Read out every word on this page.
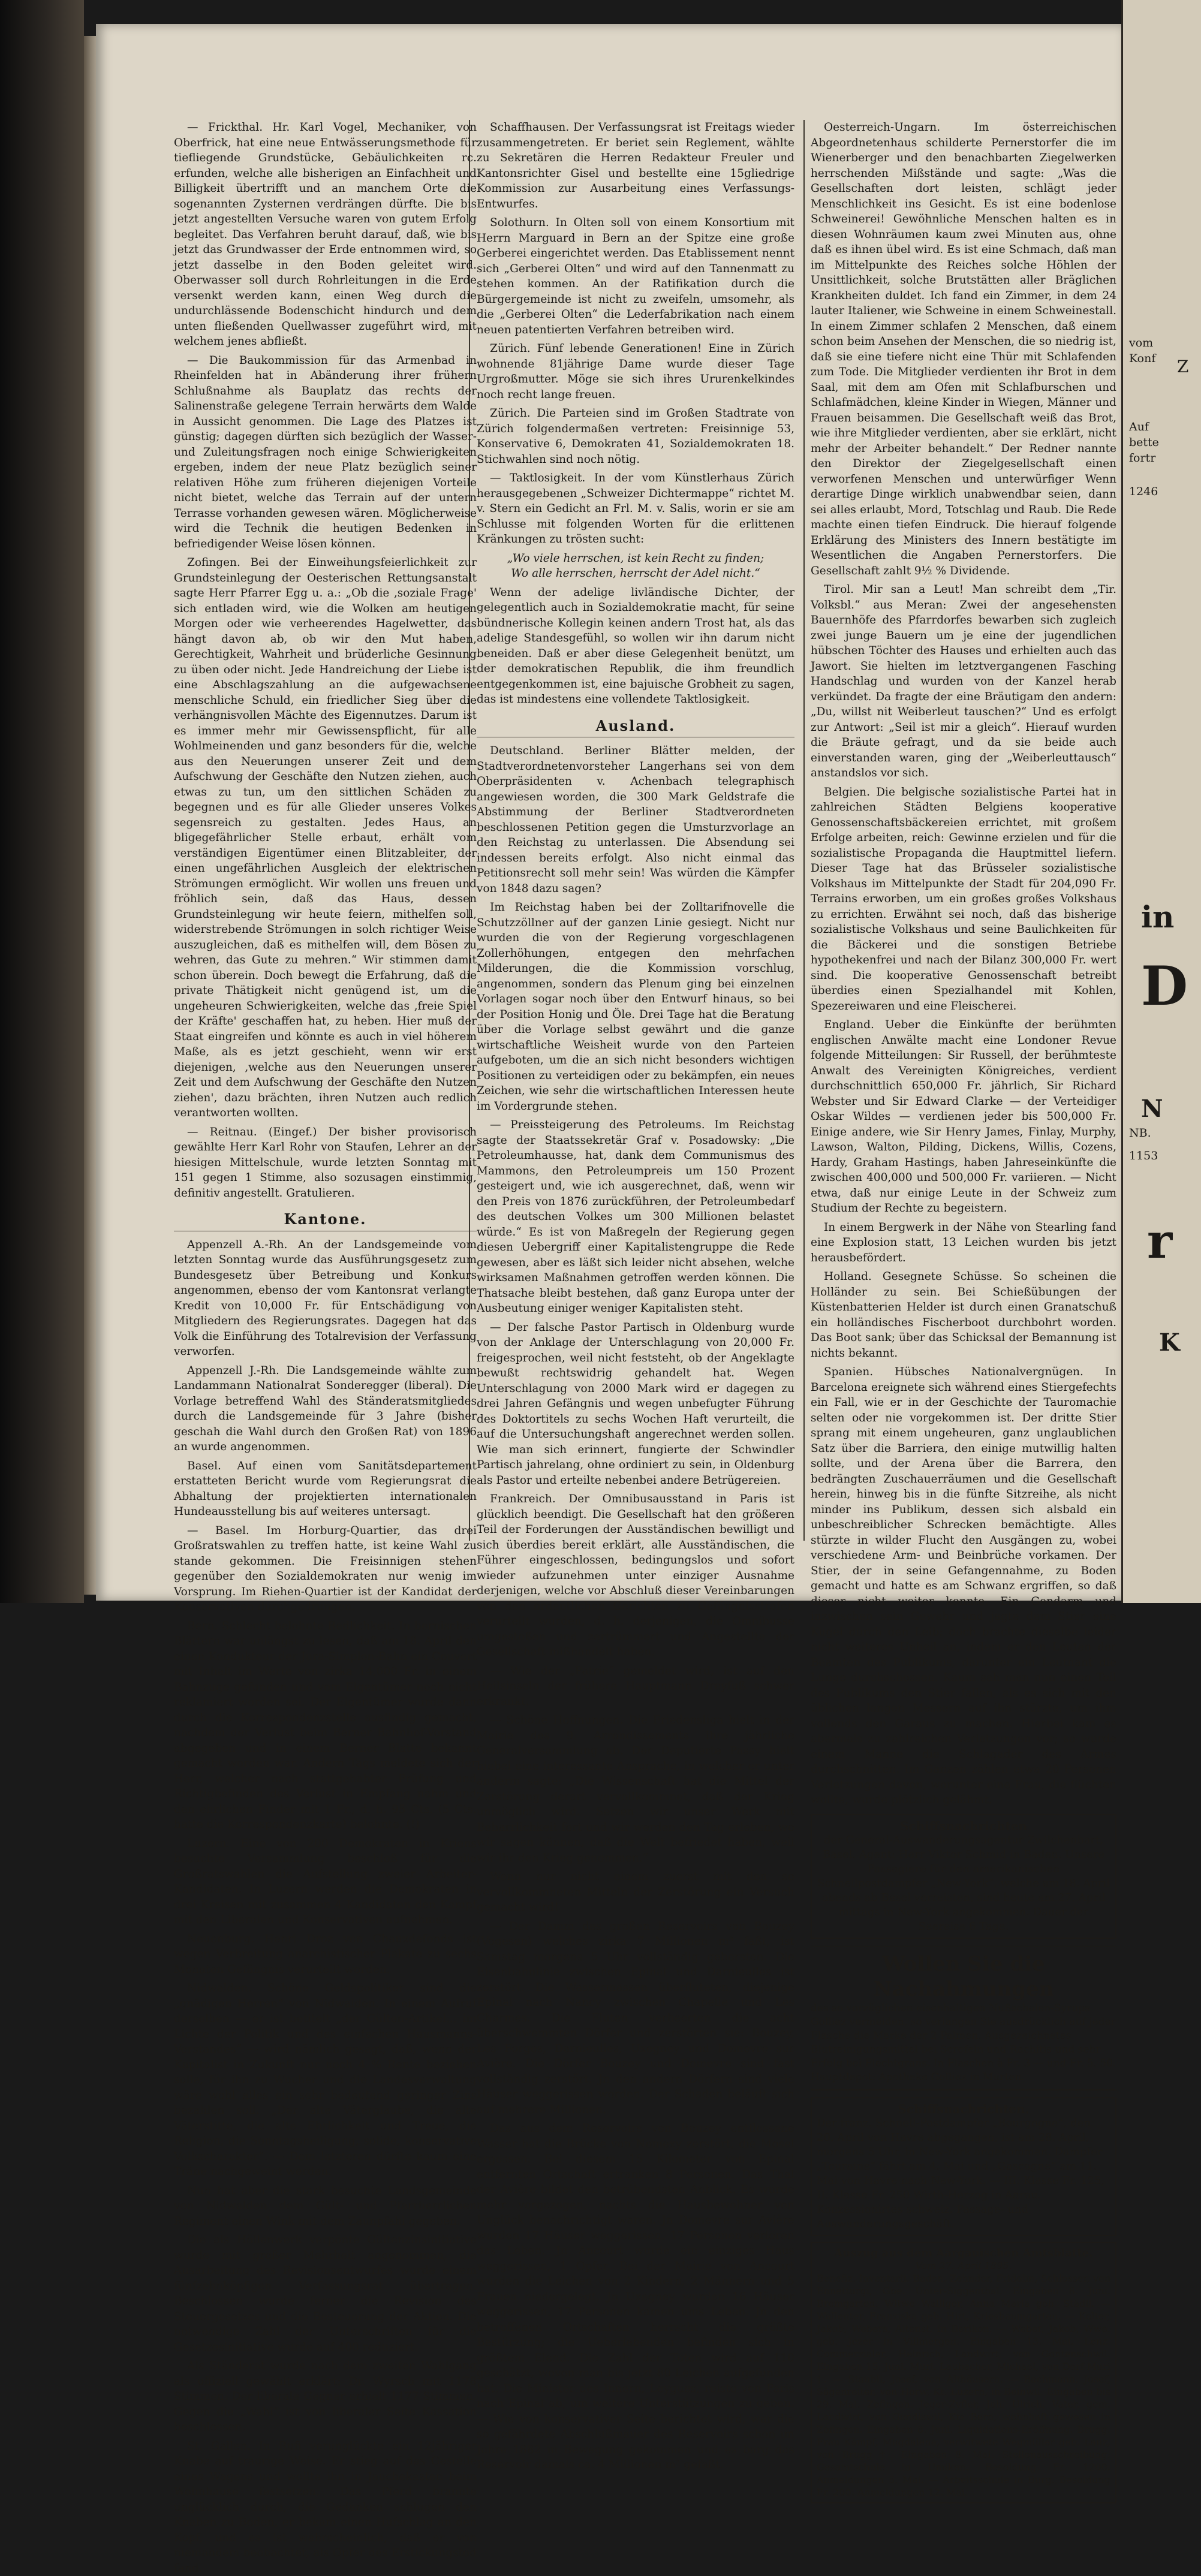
— Frickthal. Hr. Karl Vogel, Mechaniker, von Oberfrick, hat eine neue Entwässerungsmethode für tiefliegende Grundstücke, Gebäulichkeiten rc. erfunden, welche alle bisherigen an Einfachheit und Billigkeit übertrifft und an manchem Orte die sogenannten Zysternen verdrängen dürfte. Die bis jetzt angestellten Versuche waren von gutem Erfolg begleitet. Das Verfahren beruht darauf, daß, wie bis jetzt das Grundwasser der Erde entnommen wird, so jetzt dasselbe in den Boden geleitet wird. Oberwasser soll durch Rohrleitungen in die Erde versenkt werden kann, einen Weg durch die undurchlässende Bodenschicht hindurch und dem unten fließenden Quellwasser zugeführt wird, mit welchem jenes abfließt.

— Die Baukommission für das Armenbad in Rheinfelden hat in Abänderung ihrer frühern Schlußnahme als Bauplatz das rechts der Salinenstraße gelegene Terrain herwärts dem Walde in Aussicht genommen. Die Lage des Platzes ist günstig; dagegen dürften sich bezüglich der Wasser- und Zuleitungsfragen noch einige Schwierigkeiten ergeben, indem der neue Platz bezüglich seiner relativen Höhe zum früheren diejenigen Vorteile nicht bietet, welche das Terrain auf der untern Terrasse vorhanden gewesen wären. Möglicherweise wird die Technik die heutigen Bedenken in befriedigender Weise lösen können.

Zofingen. Bei der Einweihungsfeierlichkeit zur Grundsteinlegung der Oesterischen Rettungsanstalt sagte Herr Pfarrer Egg u. a.: „Ob die ‚soziale Frage' sich entladen wird, wie die Wolken am heutigen Morgen oder wie verheerendes Hagelwetter, das hängt davon ab, ob wir den Mut haben, Gerechtigkeit, Wahrheit und brüderliche Gesinnung zu üben oder nicht. Jede Handreichung der Liebe ist eine Abschlagszahlung an die aufgewachsene menschliche Schuld, ein friedlicher Sieg über die verhängnisvollen Mächte des Eigennutzes. Darum ist es immer mehr mir Gewissenspflicht, für alle Wohlmeinenden und ganz besonders für die, welche aus den Neuerungen unserer Zeit und dem Aufschwung der Geschäfte den Nutzen ziehen, auch etwas zu tun, um den sittlichen Schäden zu begegnen und es für alle Glieder unseres Volkes segensreich zu gestalten. Jedes Haus, an bligegefährlicher Stelle erbaut, erhält vom verständigen Eigentümer einen Blitzableiter, der einen ungefährlichen Ausgleich der elektrischen Strömungen ermöglicht. Wir wollen uns freuen und fröhlich sein, daß das Haus, dessen Grundsteinlegung wir heute feiern, mithelfen soll, widerstrebende Strömungen in solch richtiger Weise auszugleichen, daß es mithelfen will, dem Bösen zu wehren, das Gute zu mehren.“ Wir stimmen damit schon überein. Doch bewegt die Erfahrung, daß die private Thätigkeit nicht genügend ist, um die ungeheuren Schwierigkeiten, welche das ‚freie Spiel der Kräfte' geschaffen hat, zu heben. Hier muß der Staat eingreifen und könnte es auch in viel höherem Maße, als es jetzt geschieht, wenn wir erst diejenigen, ‚welche aus den Neuerungen unserer Zeit und dem Aufschwung der Geschäfte den Nutzen ziehen', dazu brächten, ihren Nutzen auch redlich verantworten wollten.

— Reitnau. (Eingef.) Der bisher provisorisch gewählte Herr Karl Rohr von Staufen, Lehrer an der hiesigen Mittelschule, wurde letzten Sonntag mit 151 gegen 1 Stimme, also sozusagen einstimmig, definitiv angestellt. Gratulieren.

Kantone.

Appenzell A.-Rh. An der Landsgemeinde vom letzten Sonntag wurde das Ausführungsgesetz zum Bundesgesetz über Betreibung und Konkurs angenommen, ebenso der vom Kantonsrat verlangte Kredit von 10,000 Fr. für Entschädigung von Mitgliedern des Regierungsrates. Dagegen hat das Volk die Einführung des Totalrevision der Verfassung verworfen.

Appenzell J.-Rh. Die Landsgemeinde wählte zum Landammann Nationalrat Sonderegger (liberal). Die Vorlage betreffend Wahl des Ständeratsmitgliedes durch die Landsgemeinde für 3 Jahre (bisher geschah die Wahl durch den Großen Rat) von 1896 an wurde angenommen.

Basel. Auf einen vom Sanitätsdepartement erstatteten Bericht wurde vom Regierungsrat die Abhaltung der projektierten internationalen Hundeausstellung bis auf weiteres untersagt.

— Basel. Im Horburg-Quartier, das drei Großratswahlen zu treffen hatte, ist keine Wahl zu stande gekommen. Die Freisinnigen stehen gegenüber den Sozialdemokraten nur wenig im Vorsprung. Im Riehen-Quartier ist der Kandidat der Konservativen durchgedrungen.

Bern. Schlecht belohnte Redlichkeit. In bernischen Blättern war unlängst zu lesen, daß am 18. April den einen Kondukteur der Jura-Simplon-Bahn ein Couvert mit Inhalt im Werte von zirka 14,000 Fr. in einem Bahnzuge gefunden und vom Eigentümer noch nicht reklamiert worden sei. Der Eigentümer wurde dann durch die Korrespondenzstelle ausfindig gemacht, nachdem der Verlust beim Berner Bahnhof-Vorstand abgegeben und in einem Berner Blatte bekannt gemacht worden war. Andern Tags meldete sich der Herr, welcher nach stattgehabter Prüfung und Richtigbefinden des Verlust in Empfang nahm und den ehrlichen Finder mit 1 Fr., d. h. 95 Cts. (5 Cts. hatte die Korrespondenzkarte) belohnte. (!)

Luzern. Eine von 200 Demokraten in Kriens besuchte Versammlung beschloß für die Großratswahlen die Aufstellung zweier Arbeiter-Kandidaten. In Luzern werden die Demokraten in drei Kreisen mit zusammen 4 Kandidaten den Kampf mit den Liberalen und Konservativen aufnehmen.

Neuenburg. Henri Droz von Chauxdefonds ist wegen Verbreitung anarchistischer Plakate zu sechs Monaten Gefängnis verurteilt worden.

Nidwalden. Schöne Geldspolitiker sind die „gnädigen Herren“ von Nidwalden. In einem Aufruf derselben — er ist betitelt „der Gülten-Artikel... im Lichte der Politik und des einfachen Hausmanns-Verstandes“ — wird nämlich gesagt, daß, wenn der Kapitalist in Zukunft nur noch 4 % Rente beziehen solle, für ihn zu Wucher und die Landesverwaltung wäre wohl alles ein sehr bedeutend geringer Zins bezahlen soll. „Der alte Väterglaube, die alte Väterstitte, die alte Ehrlichkeit und Treue, die Religion, die Sonntagsheiligung, solide, konservative Volkscharakter“. — Dem letzteren dürfte kaum eine Träne nachgeweint werden.

Nun hat aber die stark besuchte Landsgemeinde von Nidwalden dem Gült- und Pfarrherrlichen Regiment einen Wink mit dem Zaunpfahl gegeben.

Die als Höllenwerk verpönte Gültenzinsinitiative wurde mit großer Mehrheit angenommen, die Ausarbeitung des Revisionsentwurfes wurde einem fünfzehnköpfigen Verfassungsrat übertragen. Beschlossen wurde ferner die Revision des Steuergesetzes und die Besteuerung der Aktien. Die notwendige Zahl der Unterschriften für die Gesetzesinitiative wurde auf 400 reduziert.

Als Ständerat wurde nach dem zweiten Wahlgang als offiziell gewählt erklärt: Dr. Wyrsch mit 1178 Stimmen. Der liberale Gegner erhielt 1177 Stimmen. Gegen die „Wahl“ ist von liberaler Seite Kassation beschlossen.

St. Gallen. In Rufi verunglückte ein 12jähriger Knabe auf traurige Weise. Er stieg auf das Gestelle eines Wagens und wollte ihn in Jauchekasten beim Wohnhause festsetzen. Das Pferd brannte unglücklich durch, die Gedanken schlugen den Knaben zu Boden, er bekam einen Hufschlag an den Kopf, und es ist wahrscheinlich, daß er von niemandem beobachtet, als Opfer des Erstickungstod fand.

Schaffhausen. Der Verfassungsrat ist Freitags wieder zusammengetreten. Er beriet sein Reglement, wählte zu Sekretären die Herren Redakteur Freuler und Kantonsrichter Gisel und bestellte eine 15gliedrige Kommission zur Ausarbeitung eines Verfassungs-Entwurfes.

Solothurn. In Olten soll von einem Konsortium mit Herrn Marguard in Bern an der Spitze eine große Gerberei eingerichtet werden. Das Etablissement nennt sich „Gerberei Olten“ und wird auf den Tannenmatt zu stehen kommen. An der Ratifikation durch die Bürgergemeinde ist nicht zu zweifeln, umsomehr, als die „Gerberei Olten“ die Lederfabrikation nach einem neuen patentierten Verfahren betreiben wird.

Zürich. Fünf lebende Generationen! Eine in Zürich wohnende 81jährige Dame wurde dieser Tage Urgroßmutter. Möge sie sich ihres Ururenkelkindes noch recht lange freuen.

Zürich. Die Parteien sind im Großen Stadtrate von Zürich folgendermaßen vertreten: Freisinnige 53, Konservative 6, Demokraten 41, Sozialdemokraten 18. Stichwahlen sind noch nötig.

— Taktlosigkeit. In der vom Künstlerhaus Zürich herausgegebenen „Schweizer Dichtermappe“ richtet M. v. Stern ein Gedicht an Frl. M. v. Salis, worin er sie am Schlusse mit folgenden Worten für die erlittenen Kränkungen zu trösten sucht:

„Wo viele herrschen, ist kein Recht zu finden;

Wo alle herrschen, herrscht der Adel nicht.“

Wenn der adelige livländische Dichter, der gelegentlich auch in Sozialdemokratie macht, für seine bündnerische Kollegin keinen andern Trost hat, als das adelige Standesgefühl, so wollen wir ihn darum nicht beneiden. Daß er aber diese Gelegenheit benützt, um der demokratischen Republik, die ihm freundlich entgegenkommen ist, eine bajuische Grobheit zu sagen, das ist mindestens eine vollendete Taktlosigkeit.

Ausland.

Deutschland. Berliner Blätter melden, der Stadtverordnetenvorsteher Langerhans sei von dem Oberpräsidenten v. Achenbach telegraphisch angewiesen worden, die 300 Mark Geldstrafe die Abstimmung der Berliner Stadtverordneten beschlossenen Petition gegen die Umsturzvorlage an den Reichstag zu unterlassen. Die Absendung sei indessen bereits erfolgt. Also nicht einmal das Petitionsrecht soll mehr sein! Was würden die Kämpfer von 1848 dazu sagen?

Im Reichstag haben bei der Zolltarifnovelle die Schutzzöllner auf der ganzen Linie gesiegt. Nicht nur wurden die von der Regierung vorgeschlagenen Zollerhöhungen, entgegen den mehrfachen Milderungen, die die Kommission vorschlug, angenommen, sondern das Plenum ging bei einzelnen Vorlagen sogar noch über den Entwurf hinaus, so bei der Position Honig und Öle. Drei Tage hat die Beratung über die Vorlage selbst gewährt und die ganze wirtschaftliche Weisheit wurde von den Parteien aufgeboten, um die an sich nicht besonders wichtigen Positionen zu verteidigen oder zu bekämpfen, ein neues Zeichen, wie sehr die wirtschaftlichen Interessen heute im Vordergrunde stehen.

— Preissteigerung des Petroleums. Im Reichstag sagte der Staatssekretär Graf v. Posadowsky: „Die Petroleumhausse, hat, dank dem Communismus des Mammons, den Petroleumpreis um 150 Prozent gesteigert und, wie ich ausgerechnet, daß, wenn wir den Preis von 1876 zurückführen, der Petroleumbedarf des deutschen Volkes um 300 Millionen belastet würde.“ Es ist von Maßregeln der Regierung gegen diesen Uebergriff einer Kapitalistengruppe die Rede gewesen, aber es läßt sich leider nicht absehen, welche wirksamen Maßnahmen getroffen werden können. Die Thatsache bleibt bestehen, daß ganz Europa unter der Ausbeutung einiger weniger Kapitalisten steht.

— Der falsche Pastor Partisch in Oldenburg wurde von der Anklage der Unterschlagung von 20,000 Fr. freigesprochen, weil nicht feststeht, ob der Angeklagte bewußt rechtswidrig gehandelt hat. Wegen Unterschlagung von 2000 Mark wird er dagegen zu drei Jahren Gefängnis und wegen unbefugter Führung des Doktortitels zu sechs Wochen Haft verurteilt, die auf die Untersuchungshaft angerechnet werden sollen. Wie man sich erinnert, fungierte der Schwindler Partisch jahrelang, ohne ordiniert zu sein, in Oldenburg als Pastor und erteilte nebenbei andere Betrügereien.

Frankreich. Der Omnibusausstand in Paris ist glücklich beendigt. Die Gesellschaft hat den größeren Teil der Forderungen der Ausständischen bewilligt und sich überdies bereit erklärt, alle Ausständischen, die Führer eingeschlossen, bedingungslos und sofort wieder aufzunehmen unter einziger Ausnahme derjenigen, welche vor Abschluß dieser Vereinbarungen von den ordentlichen Gerichten zu Gefängnisstrafen verurteilt wurden, d. h. derjenigen, die Omnibusse umgestoßen und zertrümmert und Angestellte der Gesellschaft mißhandelt haben.

— Wie der „Patrie“ gemeldet wird, ist auf den Heilsinseln der frühere Hauptmann Dreyfuß schwer erkrankt.

— Schöne Hoffnungen. Die Friedensliga hielt in der Mairie des 9. Arrondissements ihre jährliche Generalversammlung ab. Der Deputierte Passy hielt hiebei eine interessante Ansprache, in welcher er unter anderm sagte: „Die Wissenschaft hat die Mittel der Zerstörung derart vervollkommnet, daß der Krieg unmöglich wird. Setzen wir unser Werk mit Beharrlichkeit fort und wir werden den Tag erleben, wo wir sagen können, daß die Welt befriedet haben, weil wir ihr den Krieg genommen.“

Wenn nur nicht einem zuerst mit den so vervollkommneten Mitteln der Zerstörung ein Versuch gemacht wird!

— Der Damm des großen Reservoirs von Bouzey (Vogesen) welches zirka 7 Millionen m³ faßt, ist Samstag morgens 5 Uhr vollständig geborsten. Die Eisenbahnlinie zwischen Epinal und Darnieulles ist zerstört. Die Wassermassen überfluteten, diejenige Epinal nach Nancy zwischen Chapelle und Les Charmes. Die Fluten verheerten die acht überschwemmten Dörfer und zerstörten sie: Bouzey, Les Forges, Darnieulles, Uxegney und Domevre sur Avière. Die Dörfer Bouzey und Domevre sind fast vollständig zerstört. Jn den andern Dörfern sind viele Häuser weggerissen worden. Der Schaden beläuft sich auf mehrere Millionen.

Das aus dem Reservoirs von Bouzey entflossene Wasser hat die Brücke von Nomexy zerstört, die Mosel ergossen. Bei diesem 15 Kilometer von Epinal entfernten Ortschaft ertranken 8 Personen. Das Thal der Avière bildet den betrübendsten Anblick. Es wurde mehr vorgezogen, nachts die Hausbewohner von Unglück benachrichtigt waren. Jn Domevre sur Avière wurden 17 Häuser weggerissen, 17 Personen verloren das Leben. Jn Ancourt wurde ein einziges Haus weggerissen, 1 Opfer. Bei der Mairie von Ancourt wurden die Leichen von 2 Kindern, 2 Männern und 5 Frauen niedergelegt. Jn Uxegney wurden 16 Häuser weggerissen, 17 Personen kamen ums Leben. Jn den betroffenen Ortschaften herrscht die größte Bestürzung; die Ueberlebenden befinden sich in größtem Elend. Die Zahl der Toten wird auf 110 geschätzt, wovon man bis jetzt 80 Leichen aufgefunden hat. Die Minister des Innern, Leygues, reiste von Paris nach Epinal ab, um weitere Unterstützungen zu geben. — Wie von konservativer Seite berichtet wird, war die so gefährdete Abschlußmauer des Reservoirs schon im Jahre 1882 in Bewegung gekommen und es barg das Reservoir damals ca. 4 Millionen m³ gefaßt.

Oesterreich-Ungarn. Im österreichischen Abgeordnetenhaus schilderte Pernerstorfer die im Wienerberger und den benachbarten Ziegelwerken herrschenden Mißstände und sagte: „Was die Gesellschaften dort leisten, schlägt jeder Menschlichkeit ins Gesicht. Es ist eine bodenlose Schweinerei! Gewöhnliche Menschen halten es in diesen Wohnräumen kaum zwei Minuten aus, ohne daß es ihnen übel wird. Es ist eine Schmach, daß man im Mittelpunkte des Reiches solche Höhlen der Unsittlichkeit, solche Brutstätten aller Bräglichen Krankheiten duldet. Ich fand ein Zimmer, in dem 24 lauter Italiener, wie Schweine in einem Schweinestall. In einem Zimmer schlafen 2 Menschen, daß einem schon beim Ansehen der Menschen, die so niedrig ist, daß sie eine tiefere nicht eine Thür mit Schlafenden zum Tode. Die Mitglieder verdienten ihr Brot in dem Saal, mit dem am Ofen mit Schlafburschen und Schlafmädchen, kleine Kinder in Wiegen, Männer und Frauen beisammen. Die Gesellschaft weiß das Brot, wie ihre Mitglieder verdienten, aber sie erklärt, nicht mehr der Arbeiter behandelt.“ Der Redner nannte den Direktor der Ziegelgesellschaft einen verworfenen Menschen und unterwürfiger Wenn derartige Dinge wirklich unabwendbar seien, dann sei alles erlaubt, Mord, Totschlag und Raub. Die Rede machte einen tiefen Eindruck. Die hierauf folgende Erklärung des Ministers des Innern bestätigte im Wesentlichen die Angaben Pernerstorfers. Die Gesellschaft zahlt 9½ % Dividende.

Tirol. Mir san a Leut! Man schreibt dem „Tir. Volksbl.“ aus Meran: Zwei der angesehensten Bauernhöfe des Pfarrdorfes bewarben sich zugleich zwei junge Bauern um je eine der jugendlichen hübschen Töchter des Hauses und erhielten auch das Jawort. Sie hielten im letztvergangenen Fasching Handschlag und wurden von der Kanzel herab verkündet. Da fragte der eine Bräutigam den andern: „Du, willst nit Weiberleut tauschen?“ Und es erfolgt zur Antwort: „Seil ist mir a gleich“. Hierauf wurden die Bräute gefragt, und da sie beide auch einverstanden waren, ging der „Weiberleuttausch“ anstandslos vor sich.

Belgien. Die belgische sozialistische Partei hat in zahlreichen Städten Belgiens kooperative Genossenschaftsbäckereien errichtet, mit großem Erfolge arbeiten, reich: Gewinne erzielen und für die sozialistische Propaganda die Hauptmittel liefern. Dieser Tage hat das Brüsseler sozialistische Volkshaus im Mittelpunkte der Stadt für 204,090 Fr. Terrains erworben, um ein großes großes Volkshaus zu errichten. Erwähnt sei noch, daß das bisherige sozialistische Volkshaus und seine Baulichkeiten für die Bäckerei und die sonstigen Betriebe hypothekenfrei und nach der Bilanz 300,000 Fr. wert sind. Die kooperative Genossenschaft betreibt überdies einen Spezialhandel mit Kohlen, Spezereiwaren und eine Fleischerei.

England. Ueber die Einkünfte der berühmten englischen Anwälte macht eine Londoner Revue folgende Mitteilungen: Sir Russell, der berühmteste Anwalt des Vereinigten Königreiches, verdient durchschnittlich 650,000 Fr. jährlich, Sir Richard Webster und Sir Edward Clarke — der Verteidiger Oskar Wildes — verdienen jeder bis 500,000 Fr. Einige andere, wie Sir Henry James, Finlay, Murphy, Lawson, Walton, Pilding, Dickens, Willis, Cozens, Hardy, Graham Hastings, haben Jahreseinkünfte die zwischen 400,000 und 500,000 Fr. variieren. — Nicht etwa, daß nur einige Leute in der Schweiz zum Studium der Rechte zu begeistern.

In einem Bergwerk in der Nähe von Stearling fand eine Explosion statt, 13 Leichen wurden bis jetzt herausbefördert.

Holland. Gesegnete Schüsse. So scheinen die Holländer zu sein. Bei Schießübungen der Küstenbatterien Helder ist durch einen Granatschuß ein holländisches Fischerboot durchbohrt worden. Das Boot sank; über das Schicksal der Bemannung ist nichts bekannt.

Spanien. Hübsches Nationalvergnügen. In Barcelona ereignete sich während eines Stiergefechts ein Fall, wie er in der Geschichte der Tauromachie selten oder nie vorgekommen ist. Der dritte Stier sprang mit einem ungeheuren, ganz unglaublichen Satz über die Barriera, den einige mutwillig halten sollte, und der Arena über die Barrera, den bedrängten Zuschauerräumen und die Gesellschaft herein, hinweg bis in die fünfte Sitzreihe, als nicht minder ins Publikum, dessen sich alsbald ein unbeschreiblicher Schrecken bemächtigte. Alles stürzte in wilder Flucht den Ausgängen zu, wobei verschiedene Arm- und Beinbrüche vorkamen. Der Stier, der in seine Gefangennahme, zu Boden gemacht und hatte es am Schwanz ergriffen, so daß dieser nicht weiter konnte. Ein Gendarm und inzwischen sein Gewehr und jagte dem Stier eine Kugel durch den Leib; doch brachte dieselbe leider nicht weiteres Unheil an, indem er den Leuten der Beamten des Publikums, darunter ein Leutnant die Lunge durchschossen. Kaum sah man nun einen Teil des Publikums den Stier fallen, als es sich mit den üblichen langen Messern auf ihn stürzte, um ihm vollends den Garaus zu machen. Hierbei kam es abermals zu zahlreichen Verletzungen vor; so wurde einem Manne die Schlagader des Armes durchschnitten. Im Ganzen zählen etwa 20 Personen Verletzungen davon, worunter eine Frau, die flüchten wollte, wurde plötzlich gelähmt.

Schiffsnachrichten
der General-Auswanderungsagentur Zwilchenbart, Basel. Agent: Herr Viktor Schmid in Baden. Unsere Passagiere für den amerikanischen Schnellpostdampfer „New-York“, welche am 18. April abends ab Basel verreisten, sind heute am 27. April mittags in New-York angekommen. Dauer der Seereise 6 Tage.
Wollen Sie die Nachahmungen
des so vorzüglichen eisenhaltigen Nußschalen-Syrups Golliez vermeiden, so verlangen Sie ausdrücklich auf jeder Flasche die Marke der 2 Palmen. Ausgezeichnetes Blutreinigungsmittel bei Scrofeln und Rachitis und sehr Erfolg bei Flechtgrans. In Flaschen à Fr. 3 — und Fr. 5. 50. Hauptdepot: Apotheke Golliez in Murten.
Schiffsnachrichten.
Der franz. Schnell-Postdampfer „Bourgogne“, den 20. April von Havre abgegangen, ist am 28. April, morgens 5 Uhr, in New-York angekommen. Dampfer „Touraine“ fährt am 4. Mai und „Gascogne“ am 11. Mai von Havre nach New-York. — III. Klasse Fr. 125, II. Klasse Fr. 250 Wirth-Herzog in Aarau. Konzessionirtes schweiz. Passage- und Auswanderungsgeschäft.
Auszug aus dem Aargauischen Amtsblatte.
Vom 27. April 1895.
Benefiz. Inventarii. Baden. Zehnder, Fridolin, Schlosser, von Ennetturgi, Gbe. Unter-Siggenthal. Eingaben 8. Juni. Bremgarten. Witwe Wälliger, Anna Maria geb. Städli. — Wallenter, Franziska geb. Hirt, Kriesbaumgarten. — Kolter, Jakob, Webers, Altenst. in Berikon. — Weber, Jakob, Wwe. geb. Jezer in Villmergen. Eingaben 13. Mai. Lenz. Commerzialer, Heinrich, Landwirt, von Gontenschwil. Eingaben 15. Juni. Muri. Laubacher, Michael, von Dorf-Muri †. — Staubli, Josef, von Althäusern. — Bachmann, Josef, Sägenreiter, von Horw, Kt. Luzern, in Beinwil. Eingaben bis 29. Mai. Zofingen. Jeger-Zyfler, Joh. Ulrich, Vater, gem. Landwirt, von Gondiswil, Kts Bern, wohnhaft gewesen in Zofingen. Eingaben 8. Juni. Liquidations-Eröffnung. Brugg. Frau Kämpf, Magdalena, verwitwete Wegmüller geb. Lanz, von Brugg †. Eingaben 8. Mai. Stellenausschreibung. Gesamtschule in Umiken. Besoldung Fr. 1200. Anmeldungen 5. Mai. — Arbeitsschule in Burg. Besoldung Fr. 200. Anmeldungen 12. Mai.
vom
Konf Z
Auf
bette
fortr
1246
in
D
N
NB.
1153
r
K
